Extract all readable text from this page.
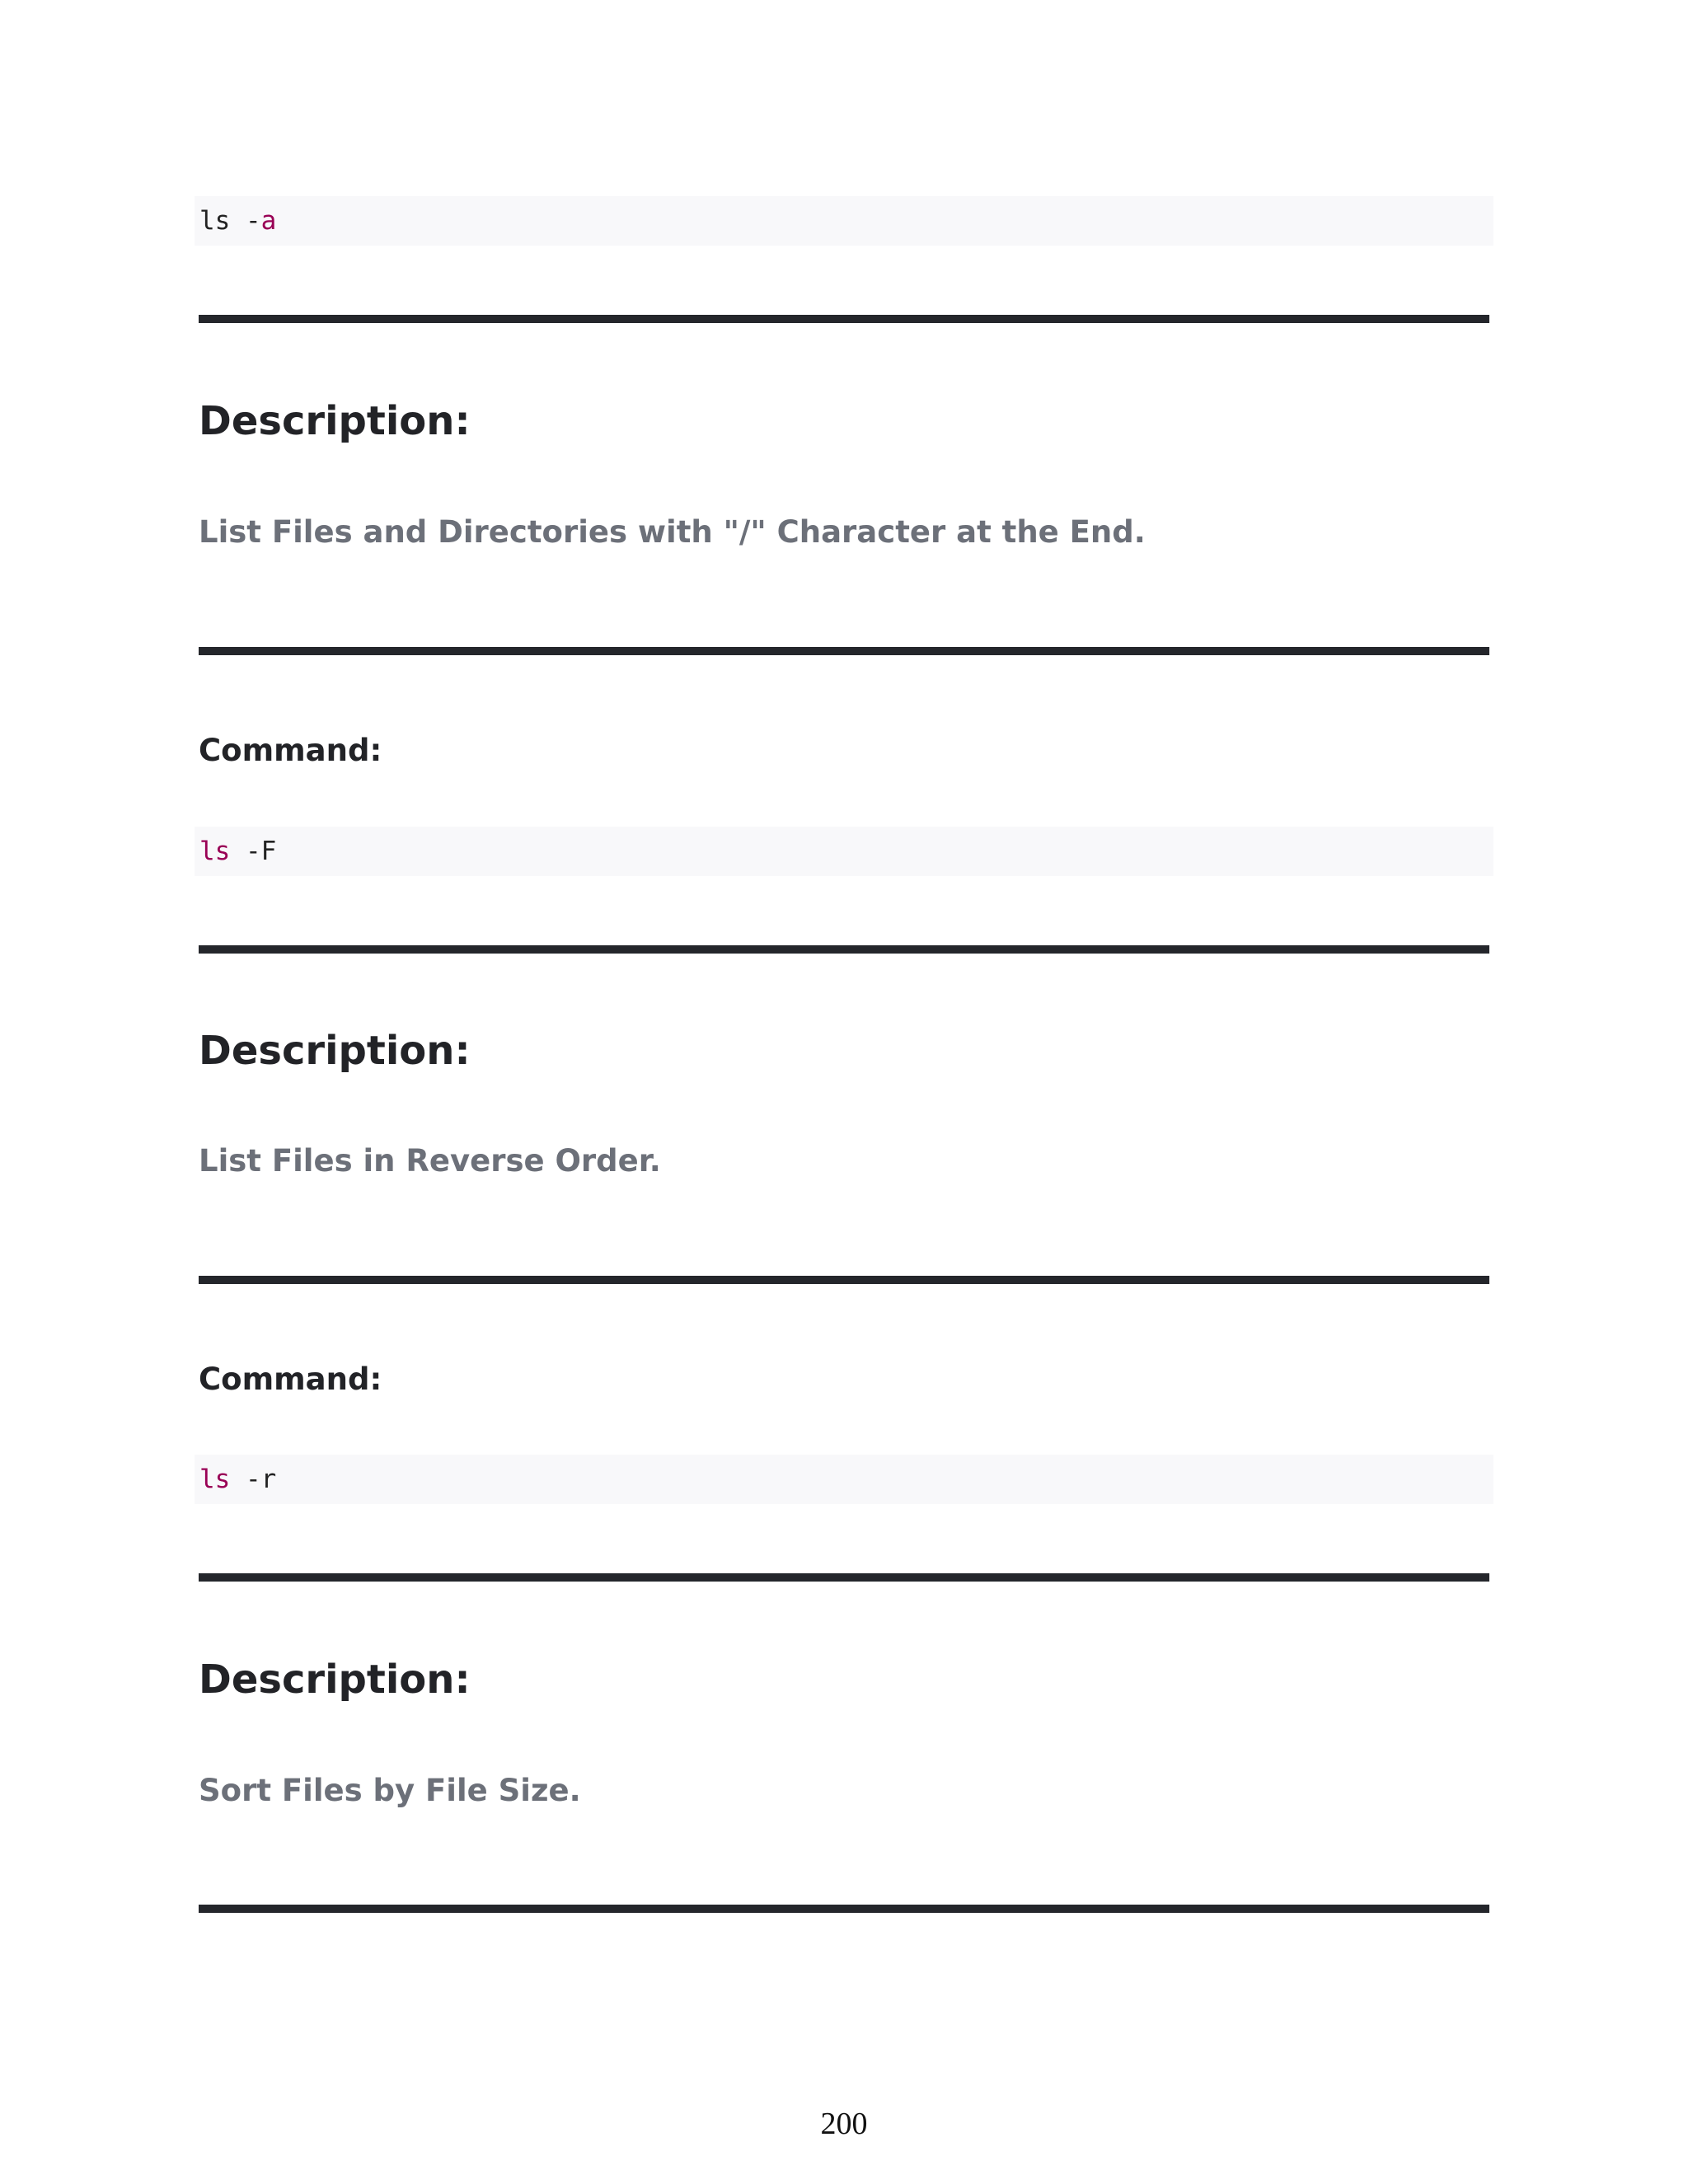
ls -a
Description:
List Files and Directories with "/" Character at the End.
Command:
ls -F
Description:
List Files in Reverse Order.
Command:
ls -r
Description:
Sort Files by File Size.
200
